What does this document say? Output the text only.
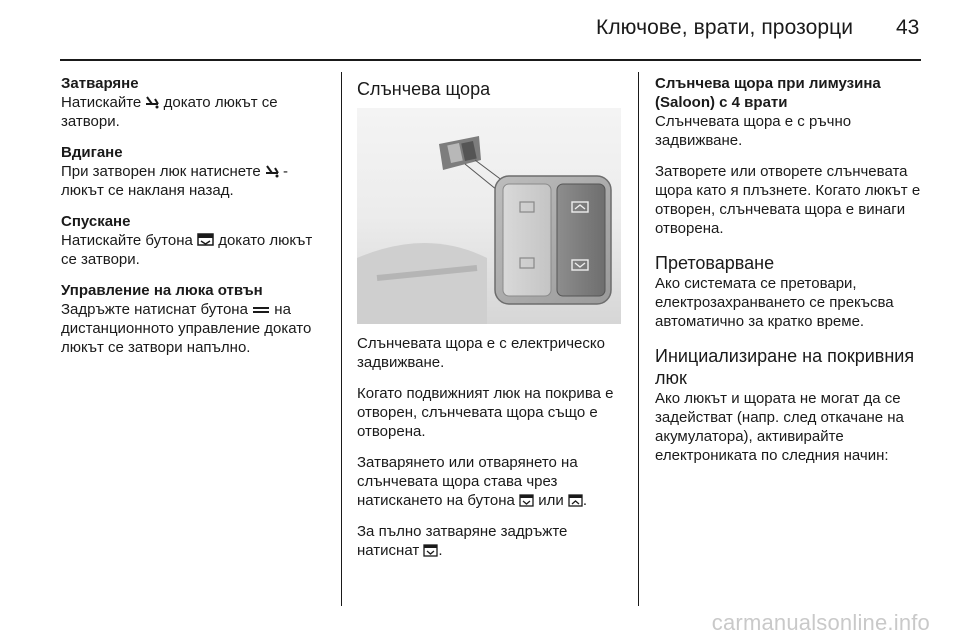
Ключове, врати, прозорци 43
Затваряне
Натискайте докато люкът се затвори.
Вдигане
При затворен люк натиснете - люкът се накланя назад.
Спускане
Натискайте бутона докато люкът се затвори.
Управление на люка отвън
Задръжте натиснат бутона на дистанционното управление докато люкът се затвори напълно.
Слънчева щора
Слънчевата щора е с електрическо задвижване.
Когато подвижният люк на покрива е отворен, слънчевата щора също е отворена.
Затварянето или отварянето на слънчевата щора става чрез натискането на бутона или .
За пълно затваряне задръжте натиснат .
Слънчева щора при лимузина (Saloon) с 4 врати
Слънчевата щора е с ръчно задвижване.
Затворете или отворете слънчевата щора като я плъзнете. Когато люкът е отворен, слънчевата щора е винаги отворена.
Претоварване
Ако системата се претовари, електрозахранването се прекъсва автоматично за кратко време.
Инициализиране на покривния люк
Ако люкът и щората не могат да се задействат (напр. след откачане на акумулатора), активирайте електрониката по следния начин:
carmanualsonline.info
